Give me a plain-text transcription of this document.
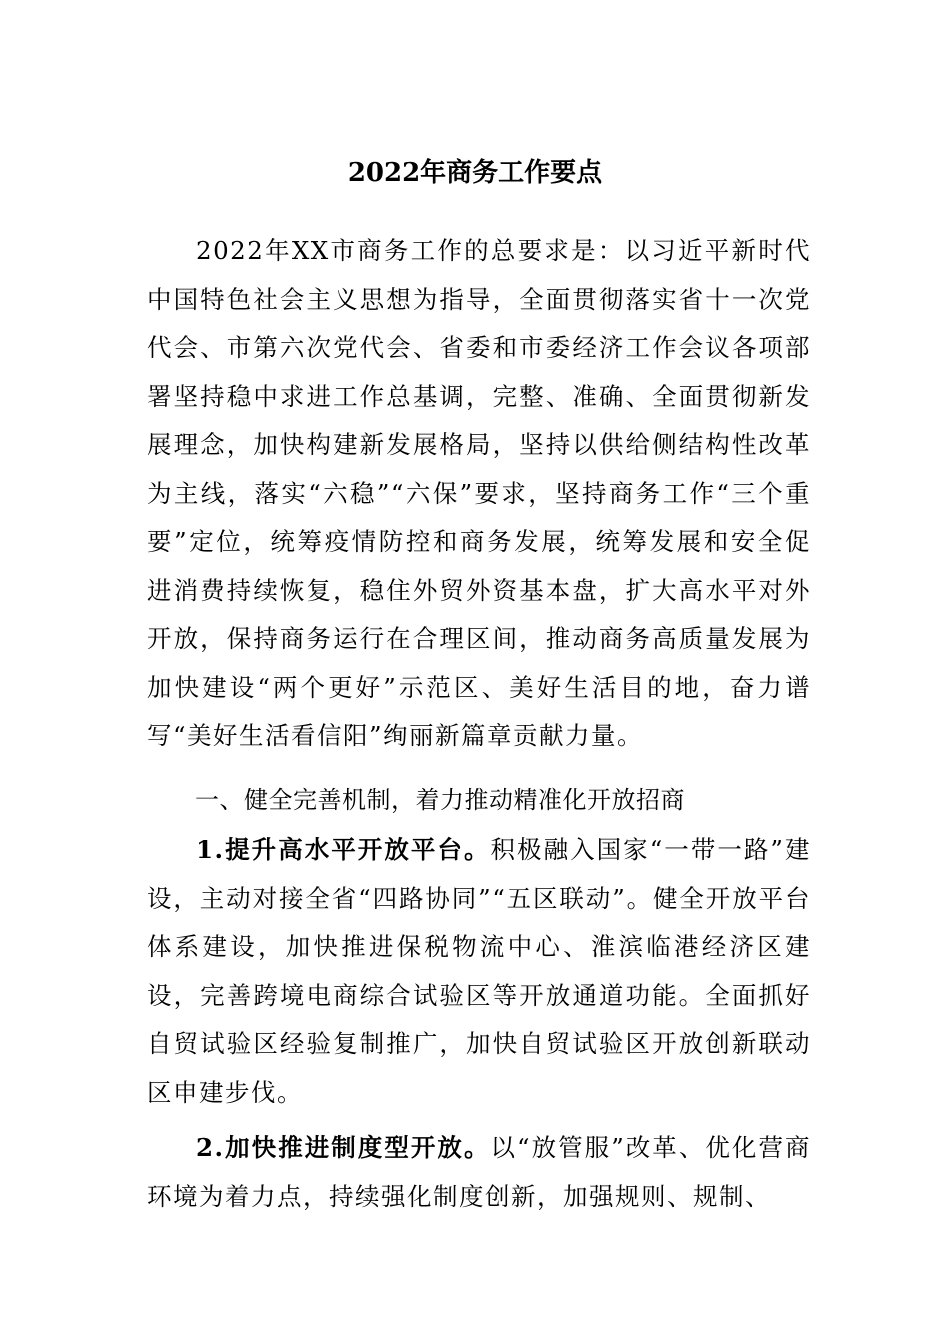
2022年商务工作要点

2022年XX市商务工作的总要求是：以习近平新时代中国特色社会主义思想为指导，全面贯彻落实省十一次党代会、市第六次党代会、省委和市委经济工作会议各项部署坚持稳中求进工作总基调，完整、准确、全面贯彻新发展理念，加快构建新发展格局，坚持以供给侧结构性改革为主线，落实“六稳”“六保”要求，坚持商务工作“三个重要”定位，统筹疫情防控和商务发展，统筹发展和安全促进消费持续恢复，稳住外贸外资基本盘，扩大高水平对外开放，保持商务运行在合理区间，推动商务高质量发展为加快建设“两个更好”示范区、美好生活目的地，奋力谱写“美好生活看信阳”绚丽新篇章贡献力量。

一、健全完善机制，着力推动精准化开放招商

1.提升高水平开放平台。积极融入国家“一带一路”建设，主动对接全省“四路协同”“五区联动”。健全开放平台体系建设，加快推进保税物流中心、淮滨临港经济区建设，完善跨境电商综合试验区等开放通道功能。全面抓好自贸试验区经验复制推广，加快自贸试验区开放创新联动区申建步伐。

2.加快推进制度型开放。以“放管服”改革、优化营商环境为着力点，持续强化制度创新，加强规则、规制、
